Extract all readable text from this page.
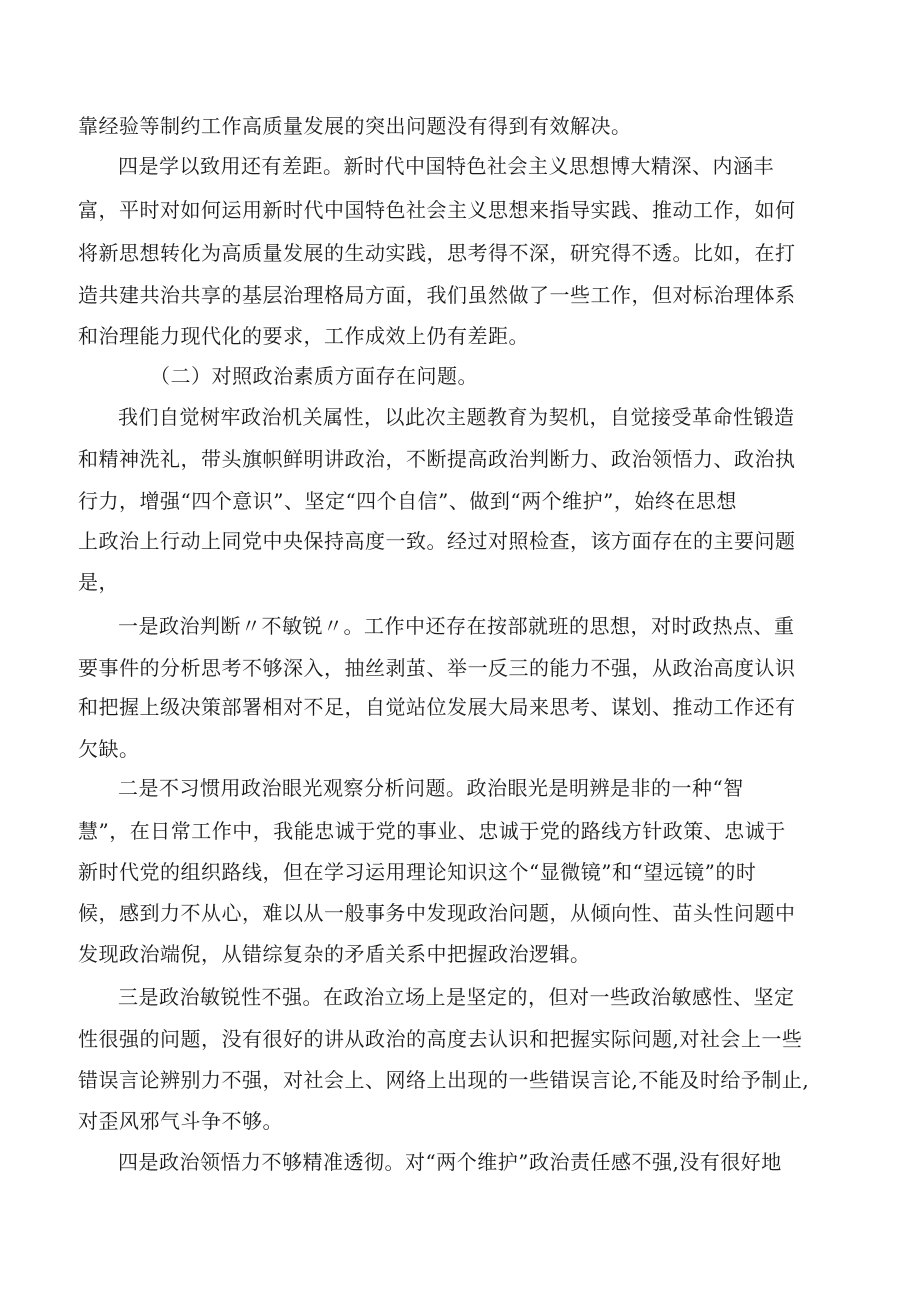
靠经验等制约工作高质量发展的突出问题没有得到有效解决。
四是学以致用还有差距。新时代中国特色社会主义思想博大精深、内涵丰
富，平时对如何运用新时代中国特色社会主义思想来指导实践、推动工作，如何
将新思想转化为高质量发展的生动实践，思考得不深，研究得不透。比如，在打
造共建共治共享的基层治理格局方面，我们虽然做了一些工作，但对标治理体系
和治理能力现代化的要求，工作成效上仍有差距。
（二）对照政治素质方面存在问题。
我们自觉树牢政治机关属性，以此次主题教育为契机，自觉接受革命性锻造
和精神洗礼，带头旗帜鲜明讲政治，不断提高政治判断力、政治领悟力、政治执
行力，增强“四个意识”、坚定“四个自信”、做到“两个维护”，始终在思想
上政治上行动上同党中央保持高度一致。经过对照检查，该方面存在的主要问题
是，
一是政治判断〃不敏锐〃。工作中还存在按部就班的思想，对时政热点、重
要事件的分析思考不够深入，抽丝剥茧、举一反三的能力不强，从政治高度认识
和把握上级决策部署相对不足，自觉站位发展大局来思考、谋划、推动工作还有
欠缺。
二是不习惯用政治眼光观察分析问题。政治眼光是明辨是非的一种“智
慧”，在日常工作中，我能忠诚于党的事业、忠诚于党的路线方针政策、忠诚于
新时代党的组织路线，但在学习运用理论知识这个“显微镜”和“望远镜”的时
候，感到力不从心，难以从一般事务中发现政治问题，从倾向性、苗头性问题中
发现政治端倪，从错综复杂的矛盾关系中把握政治逻辑。
三是政治敏锐性不强。在政治立场上是坚定的，但对一些政治敏感性、坚定
性很强的问题，没有很好的讲从政治的高度去认识和把握实际问题,对社会上一些
错误言论辨别力不强，对社会上、网络上出现的一些错误言论,不能及时给予制止,
对歪风邪气斗争不够。
四是政治领悟力不够精准透彻。对“两个维护”政治责任感不强,没有很好地
